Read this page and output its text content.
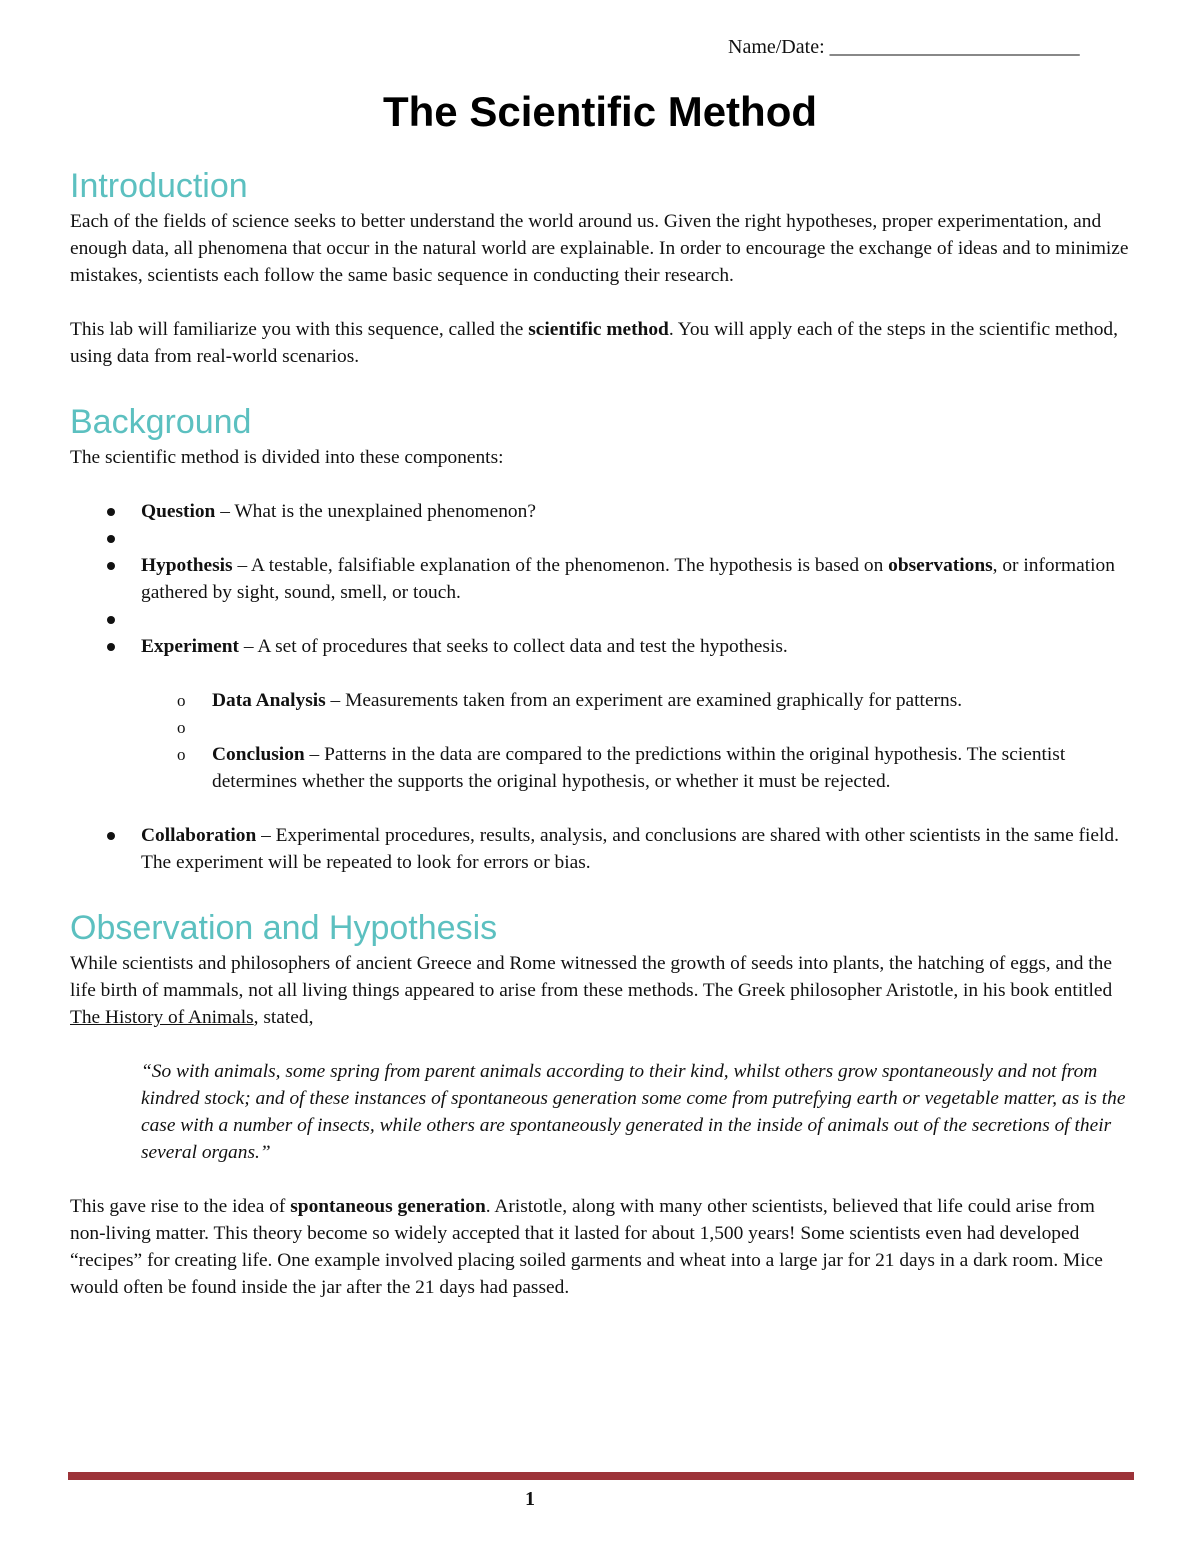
Name/Date: _________________________
The Scientific Method
Introduction

Each of the fields of science seeks to better understand the world around us. Given the right hypotheses, proper experimentation, and enough data, all phenomena that occur in the natural world are explainable. In order to encourage the exchange of ideas and to minimize mistakes, scientists each follow the same basic sequence in conducting their research.

This lab will familiarize you with this sequence, called the scientific method. You will apply each of the steps in the scientific method, using data from real-world scenarios.

Background

The scientific method is divided into these components:

Question – What is the unexplained phenomenon?
Hypothesis – A testable, falsifiable explanation of the phenomenon. The hypothesis is based on observations, or information gathered by sight, sound, smell, or touch.
Experiment – A set of procedures that seeks to collect data and test the hypothesis.
o Data Analysis – Measurements taken from an experiment are examined graphically for patterns.
o
o Conclusion – Patterns in the data are compared to the predictions within the original hypothesis. The scientist determines whether the supports the original hypothesis, or whether it must be rejected.
Collaboration – Experimental procedures, results, analysis, and conclusions are shared with other scientists in the same field. The experiment will be repeated to look for errors or bias.
Observation and Hypothesis

While scientists and philosophers of ancient Greece and Rome witnessed the growth of seeds into plants, the hatching of eggs, and the life birth of mammals, not all living things appeared to arise from these methods. The Greek philosopher Aristotle, in his book entitled The History of Animals, stated,

“So with animals, some spring from parent animals according to their kind, whilst others grow spontaneously and not from kindred stock; and of these instances of spontaneous generation some come from putrefying earth or vegetable matter, as is the case with a number of insects, while others are spontaneously generated in the inside of animals out of the secretions of their several organs.”

This gave rise to the idea of spontaneous generation. Aristotle, along with many other scientists, believed that life could arise from non-living matter. This theory become so widely accepted that it lasted for about 1,500 years! Some scientists even had developed “recipes” for creating life. One example involved placing soiled garments and wheat into a large jar for 21 days in a dark room. Mice would often be found inside the jar after the 21 days had passed.

1
